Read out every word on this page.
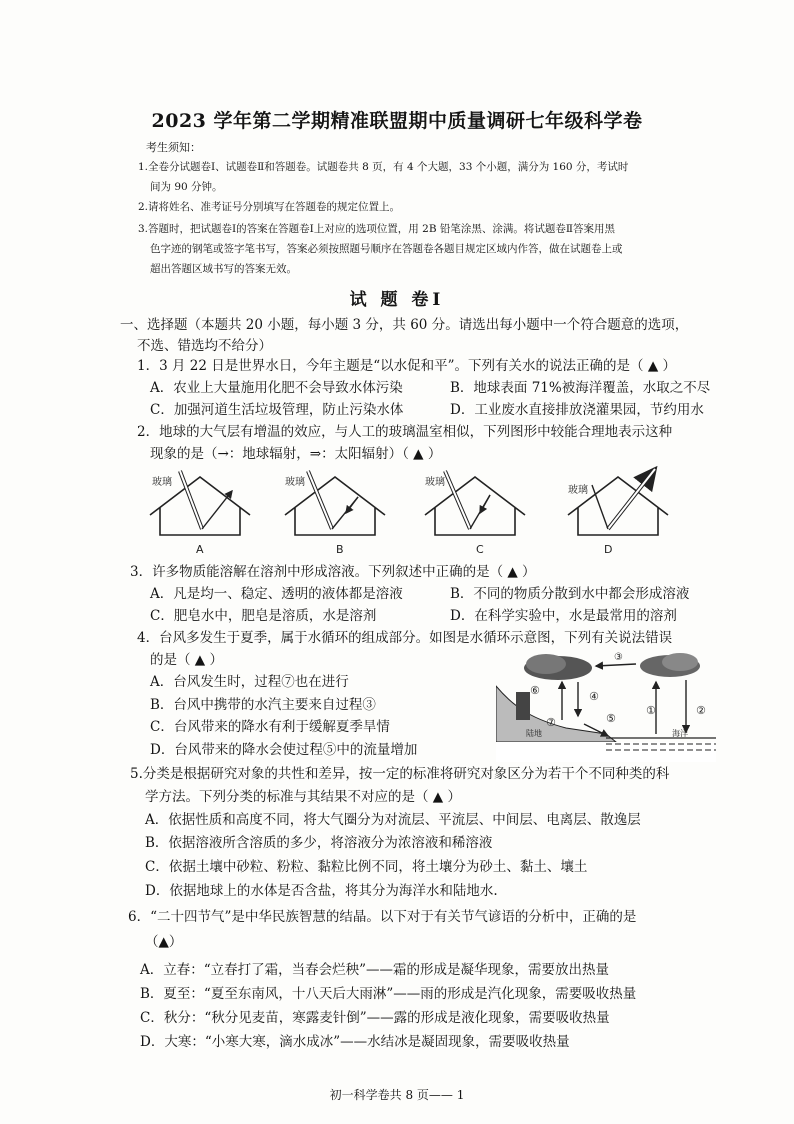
2023 学年第二学期精准联盟期中质量调研七年级科学卷
考生须知：
1.全卷分试题卷Ⅰ、试题卷Ⅱ和答题卷。试题卷共 8 页，有 4 个大题，33 个小题，满分为 160 分，考试时
间为 90 分钟。
2.请将姓名、准考证号分别填写在答题卷的规定位置上。
3.答题时，把试题卷Ⅰ的答案在答题卷Ⅰ上对应的选项位置，用 2B 铅笔涂黑、涂满。将试题卷Ⅱ答案用黑
色字迹的钢笔或签字笔书写，答案必须按照题号顺序在答题卷各题目规定区域内作答，做在试题卷上或
超出答题区域书写的答案无效。
试 题 卷Ⅰ
一、选择题（本题共 20 小题，每小题 3 分，共 60 分。请选出每小题中一个符合题意的选项，
不选、错选均不给分）
1．3 月 22 日是世界水日，今年主题是“以水促和平”。下列有关水的说法正确的是（ ▲ ）
A．农业上大量施用化肥不会导致水体污染	B．地球表面 71%被海洋覆盖，水取之不尽
C．加强河道生活垃圾管理，防止污染水体	D．工业废水直接排放浇灌果园，节约用水
2．地球的大气层有增温的效应，与人工的玻璃温室相似，下列图形中较能合理地表示这种
现象的是（→：地球辐射，⇒：太阳辐射）（ ▲ ）
玻璃	玻璃	玻璃
玻璃
A	B	C	D
3．许多物质能溶解在溶剂中形成溶液。下列叙述中正确的是（ ▲ ）
A．凡是均一、稳定、透明的液体都是溶液	B．不同的物质分散到水中都会形成溶液
C．肥皂水中，肥皂是溶质，水是溶剂	D．在科学实验中，水是最常用的溶剂
4．台风多发生于夏季，属于水循环的组成部分。如图是水循环示意图，下列有关说法错误
的是（ ▲ ）
A．台风发生时，过程⑦也在进行
B．台风中携带的水汽主要来自过程③
C．台风带来的降水有利于缓解夏季旱情
D．台风带来的降水会使过程⑤中的流量增加
③
①	②
④
⑤
⑥
⑦
陆地	海洋
5.分类是根据研究对象的共性和差异，按一定的标准将研究对象区分为若干个不同种类的科
学方法。下列分类的标准与其结果不对应的是（ ▲ ）
A．依据性质和高度不同，将大气圈分为对流层、平流层、中间层、电离层、散逸层
B．依据溶液所含溶质的多少，将溶液分为浓溶液和稀溶液
C．依据土壤中砂粒、粉粒、黏粒比例不同，将土壤分为砂土、黏土、壤土
D．依据地球上的水体是否含盐，将其分为海洋水和陆地水.
6．“二十四节气”是中华民族智慧的结晶。以下对于有关节气谚语的分析中，正确的是
（▲）
A．立春：“立春打了霜，当春会烂秧”——霜的形成是凝华现象，需要放出热量
B．夏至：“夏至东南风，十八天后大雨淋”——雨的形成是汽化现象，需要吸收热量
C．秋分：“秋分见麦苗，寒露麦针倒”——露的形成是液化现象，需要吸收热量
D．大寒：“小寒大寒，滴水成冰”——水结冰是凝固现象，需要吸收热量
初一科学卷共 8 页—— 1
